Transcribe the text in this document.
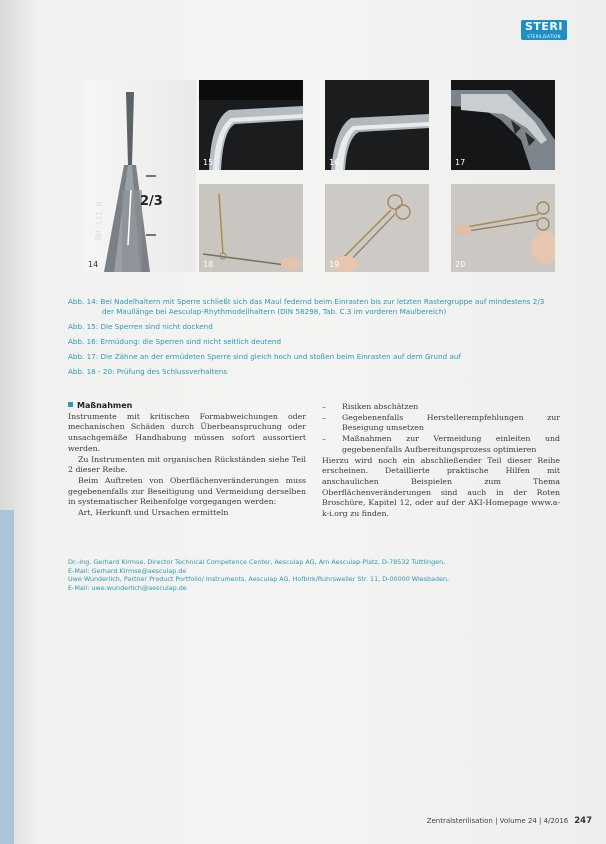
STERI
STERILISATION
2/3
BH 131 R
14
15	16	17
18	19	20
Abb. 14: Bei Nadelhaltern mit Sperre schließt sich das Maul federnd beim Einrasten bis zur letzten Rastergruppe auf mindestens 2/3
der Maullänge bei Aesculap-Rhythmodellhaltern (DIN 58298, Tab. C.3 im vorderen Maulbereich)
Abb. 15: Die Sperren sind nicht dockend
Abb. 16: Ermüdung: die Sperren sind nicht seitlich deutend
Abb. 17: Die Zähne an der ermüdeten Sperre sind gleich hoch und stoßen beim Einrasten auf dem Grund auf
Abb. 18 - 20: Prüfung des Schlussverhaltens

Maßnahmen

Instrumente mit kritischen Formabweichungen oder mechanischen Schäden durch Überbeanspruchung oder unsachgemäße Handhabung müssen sofort aussortiert werden.

Zu Instrumenten mit organischen Rückständen siehe Teil 2 dieser Reihe.

Beim Auftreten von Oberflächenveränderungen muss gegebenenfalls zur Beseitigung und Vermeidung derselben in systematischer Reihenfolge vorgegangen werden:

Art, Herkunft und Ursachen ermitteln

– Risiken abschätzen

– Gegebenenfalls Herstellerempfehlungen zur Beseigung umsetzen

– Maßnahmen zur Vermeidung einleiten und gegebenenfalls Aufbereitungsprozess optimieren

Hierzu wird noch ein abschließender Teil dieser Reihe erscheinen. Detaillierte praktische Hilfen mit anschaulichen Beispielen zum Thema Oberflächenveränderungen sind auch in der Roten Broschüre, Kapitel 12, oder auf der AKI-Homepage www.a-k-i.org zu finden.

Dr.-Ing. Gerhard Kirmse, Director Technical Competence Center, Aesculap AG, Am Aesculap-Platz, D-78532 Tuttlingen,
E-Mail: Gerhard.Kirmse@aesculap.de
Uwe Wunderlich, Partner Product Portfolio/ Instruments, Aesculap AG, Hofbirk/Ruhrsweiler Str. 11, D-00000 Wiesbaden,
E-Mail: uwe.wunderlich@aesculap.de
Zentralsterilisation | Volume 24 | 4/2016 247
